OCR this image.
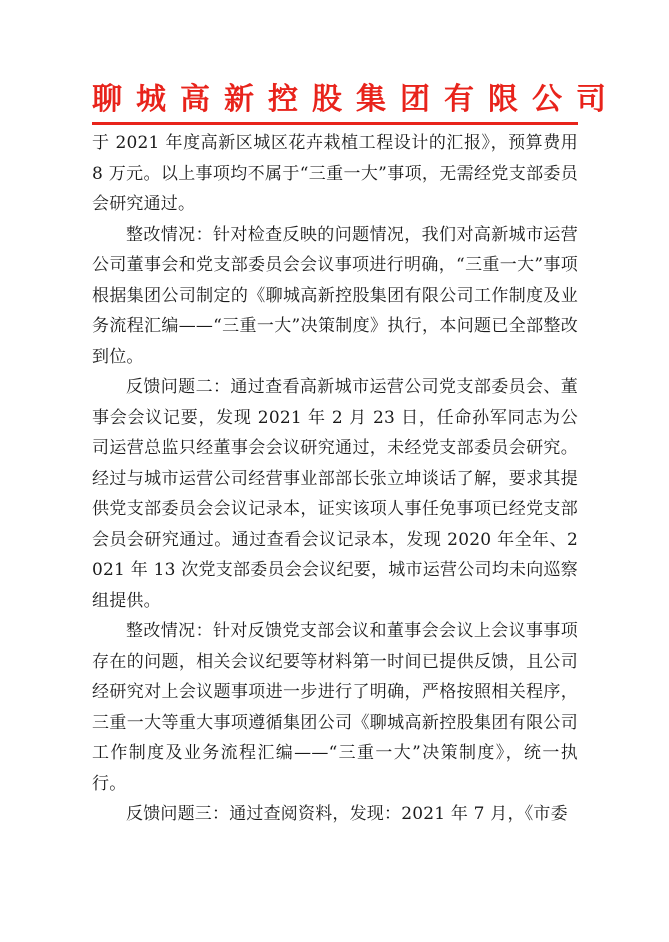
聊城高新控股集团有限公司

于 2021 年度高新区城区花卉栽植工程设计的汇报》，预算费用 8 万元。以上事项均不属于“三重一大”事项，无需经党支部委员会研究通过。

整改情况：针对检查反映的问题情况，我们对高新城市运营公司董事会和党支部委员会会议事项进行明确，“三重一大”事项根据集团公司制定的《聊城高新控股集团有限公司工作制度及业务流程汇编——“三重一大”决策制度》执行，本问题已全部整改到位。

反馈问题二：通过查看高新城市运营公司党支部委员会、董事会会议记要，发现 2021 年 2 月 23 日，任命孙军同志为公司运营总监只经董事会会议研究通过，未经党支部委员会研究。经过与城市运营公司经营事业部部长张立坤谈话了解，要求其提供党支部委员会会议记录本，证实该项人事任免事项已经党支部会员会研究通过。通过查看会议记录本，发现 2020 年全年、2021 年 13 次党支部委员会会议纪要，城市运营公司均未向巡察组提供。

整改情况：针对反馈党支部会议和董事会会议上会议事事项存在的问题，相关会议纪要等材料第一时间已提供反馈，且公司经研究对上会议题事项进一步进行了明确，严格按照相关程序，三重一大等重大事项遵循集团公司《聊城高新控股集团有限公司工作制度及业务流程汇编——“三重一大”决策制度》，统一执行。

反馈问题三：通过查阅资料，发现：2021 年 7 月，《市委
